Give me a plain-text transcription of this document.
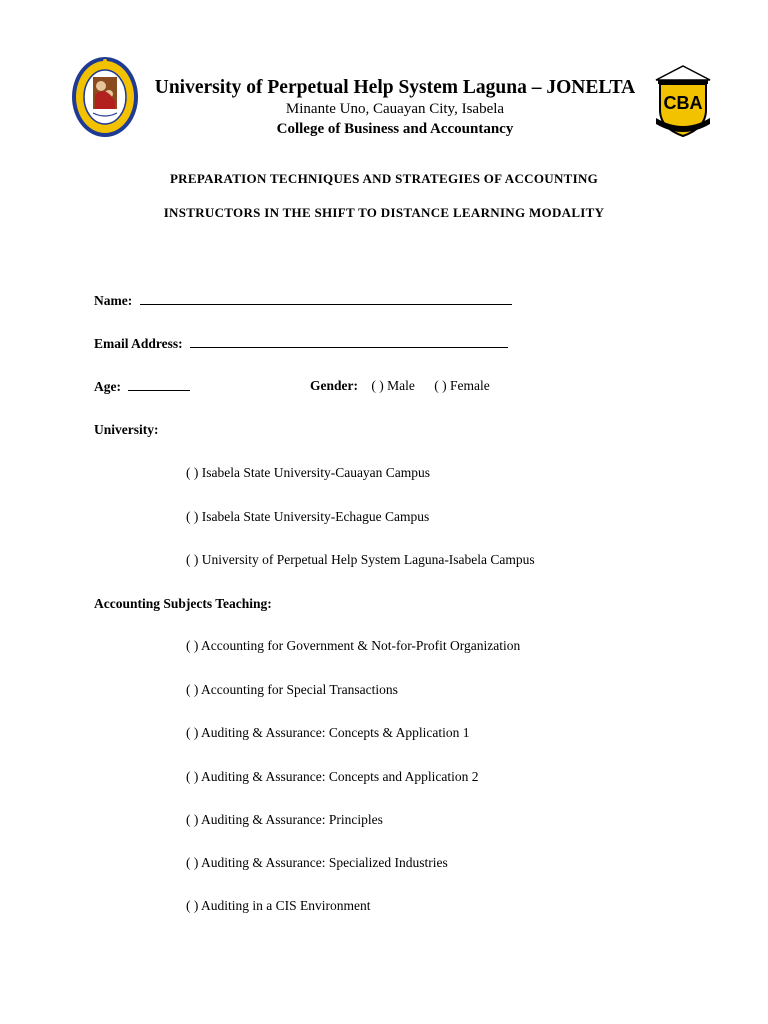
University of Perpetual Help System Laguna – JONELTA
Minante Uno, Cauayan City, Isabela
College of Business and Accountancy
CBA
PREPARATION TECHNIQUES AND STRATEGIES OF ACCOUNTING
INSTRUCTORS IN THE SHIFT TO DISTANCE LEARNING MODALITY
Name:
Email Address:
Age:	Gender: ( ) Male ( ) Female
University:
( ) Isabela State University-Cauayan Campus
( ) Isabela State University-Echague Campus
( ) University of Perpetual Help System Laguna-Isabela Campus
Accounting Subjects Teaching:
( ) Accounting for Government & Not-for-Profit Organization
( ) Accounting for Special Transactions
( ) Auditing & Assurance: Concepts & Application 1
( ) Auditing & Assurance: Concepts and Application 2
( ) Auditing & Assurance: Principles
( ) Auditing & Assurance: Specialized Industries
( ) Auditing in a CIS Environment
